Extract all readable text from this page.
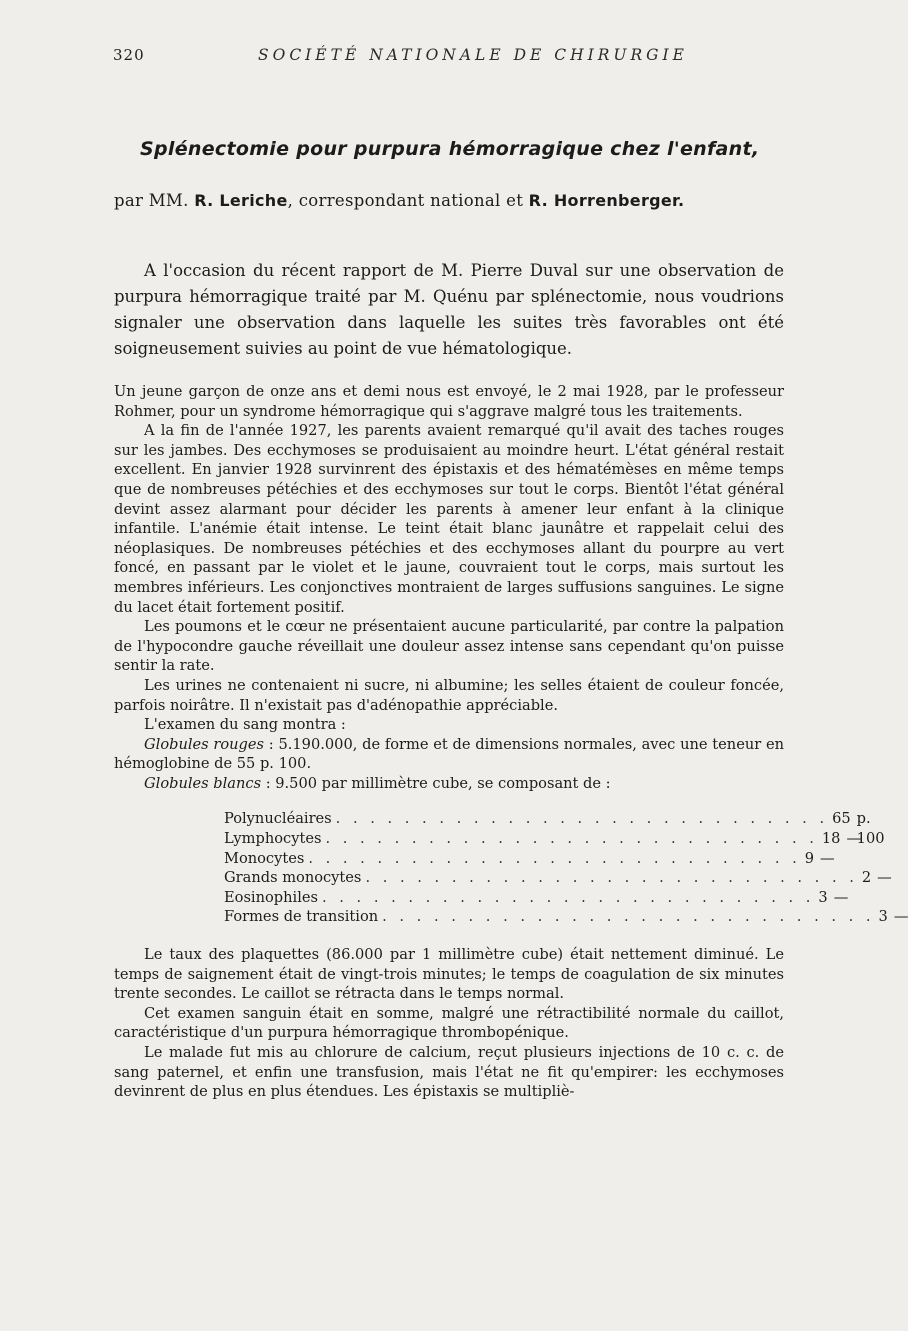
320	SOCIÉTÉ NATIONALE DE CHIRURGIE
Splénectomie pour purpura hémorragique chez l'enfant,
par MM. R. Leriche, correspondant national et R. Horrenberger.

A l'occasion du récent rapport de M. Pierre Duval sur une observation de purpura hémorragique traité par M. Quénu par splénectomie, nous voudrions signaler une observation dans laquelle les suites très favorables ont été soigneusement suivies au point de vue hématologique.

Un jeune garçon de onze ans et demi nous est envoyé, le 2 mai 1928, par le professeur Rohmer, pour un syndrome hémorragique qui s'aggrave malgré tous les traitements.

A la fin de l'année 1927, les parents avaient remarqué qu'il avait des taches rouges sur les jambes. Des ecchymoses se produisaient au moindre heurt. L'état général restait excellent. En janvier 1928 survinrent des épistaxis et des hématémèses en même temps que de nombreuses pétéchies et des ecchymoses sur tout le corps. Bientôt l'état général devint assez alarmant pour décider les parents à amener leur enfant à la clinique infantile. L'anémie était intense. Le teint était blanc jaunâtre et rappelait celui des néoplasiques. De nombreuses pétéchies et des ecchymoses allant du pourpre au vert foncé, en passant par le violet et le jaune, couvraient tout le corps, mais surtout les membres inférieurs. Les conjonctives montraient de larges suffusions sanguines. Le signe du lacet était fortement positif.

Les poumons et le cœur ne présentaient aucune particularité, par contre la palpation de l'hypocondre gauche réveillait une douleur assez intense sans cependant qu'on puisse sentir la rate.

Les urines ne contenaient ni sucre, ni albumine; les selles étaient de couleur foncée, parfois noirâtre. Il n'existait pas d'adénopathie appréciable.

L'examen du sang montra :

Globules rouges : 5.190.000, de forme et de dimensions normales, avec une teneur en hémoglobine de 55 p. 100.

Globules blancs : 9.500 par millimètre cube, se composant de :

Polynucléaires . . . . . . . . . . . . . . . . . . . . . . . . . . . . . 65 p. 100
Lymphocytes . . . . . . . . . . . . . . . . . . . . . . . . . . . . . 18 —
Monocytes . . . . . . . . . . . . . . . . . . . . . . . . . . . . . 9 —
Grands monocytes . . . . . . . . . . . . . . . . . . . . . . . . . . . . . 2 —
Eosinophiles . . . . . . . . . . . . . . . . . . . . . . . . . . . . . 3 —
Formes de transition . . . . . . . . . . . . . . . . . . . . . . . . . . . . . 3 —

Le taux des plaquettes (86.000 par 1 millimètre cube) était nettement diminué. Le temps de saignement était de vingt-trois minutes; le temps de coagulation de six minutes trente secondes. Le caillot se rétracta dans le temps normal.

Cet examen sanguin était en somme, malgré une rétractibilité normale du caillot, caractéristique d'un purpura hémorragique thrombopénique.

Le malade fut mis au chlorure de calcium, reçut plusieurs injections de 10 c. c. de sang paternel, et enfin une transfusion, mais l'état ne fit qu'empirer: les ecchymoses devinrent de plus en plus étendues. Les épistaxis se multipliè-
